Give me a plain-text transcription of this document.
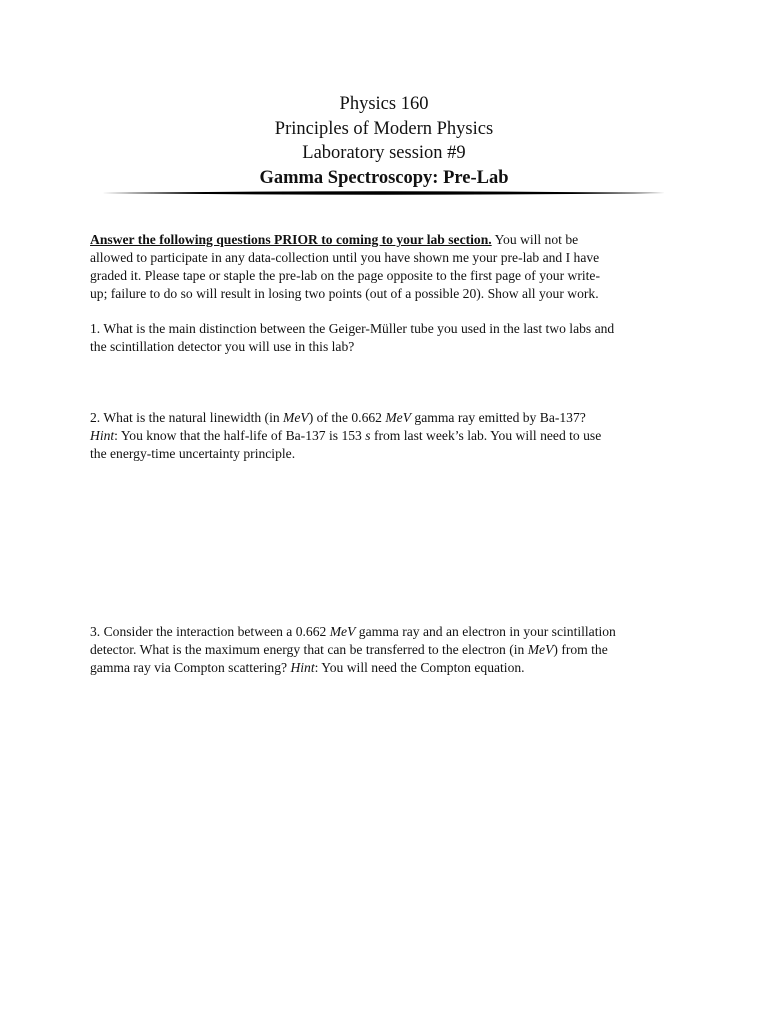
Physics 160
Principles of Modern Physics
Laboratory session #9
Gamma Spectroscopy: Pre-Lab
Answer the following questions PRIOR to coming to your lab section. You will not be
allowed to participate in any data-collection until you have shown me your pre-lab and I have
graded it. Please tape or staple the pre-lab on the page opposite to the first page of your write-
up; failure to do so will result in losing two points (out of a possible 20). Show all your work.
1. What is the main distinction between the Geiger-Müller tube you used in the last two labs and
the scintillation detector you will use in this lab?
2. What is the natural linewidth (in MeV) of the 0.662 MeV gamma ray emitted by Ba-137?
Hint: You know that the half-life of Ba-137 is 153 s from last week’s lab. You will need to use
the energy-time uncertainty principle.
3. Consider the interaction between a 0.662 MeV gamma ray and an electron in your scintillation
detector. What is the maximum energy that can be transferred to the electron (in MeV) from the
gamma ray via Compton scattering? Hint: You will need the Compton equation.
